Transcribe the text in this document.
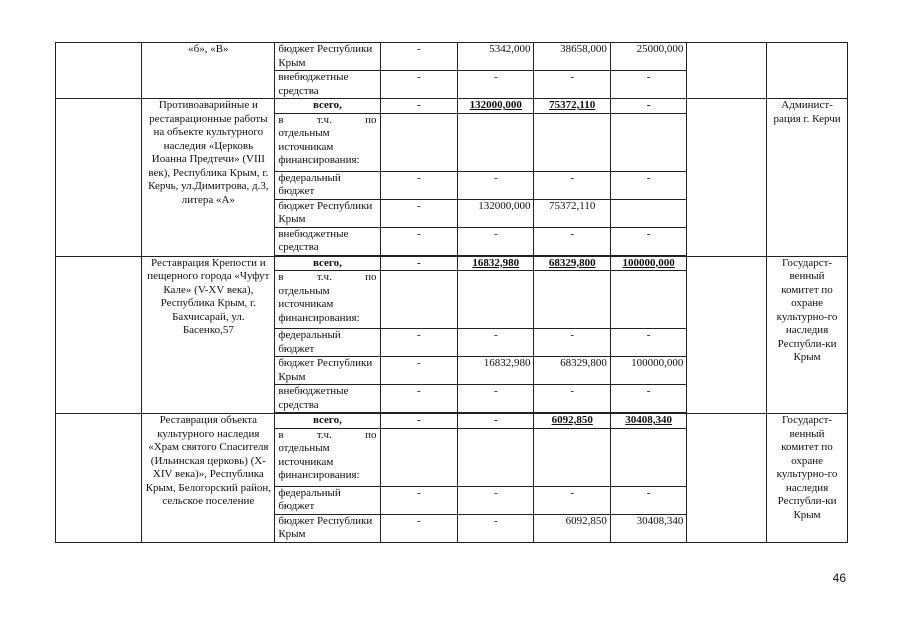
	«б», «В»	бюджет Республики Крым	-	5342,000	38658,000	25000,000		
		внебюджетные средства	-	-	-	-		
	Противоаварийные и реставрационные работы на объекте культурного наследия «Церковь Иоанна Предтечи» (VIII век), Республика Крым, г. Керчь, ул.Димитрова, д.3, литера «А»	всего,	-	132000,000	75372,110	-		Админист-рация г. Керчи

		в т.ч. по
отдельным источникам финансирования:						

		федеральный бюджет	-	-	-	-		
		бюджет Республики Крым	-	132000,000	75372,110			
		внебюджетные средства	-	-	-	-		

	Реставрация Крепости и пещерного города «Чуфут Кале» (V-XV века), Республика Крым, г. Бахчисарай, ул. Басенко,57	всего,	-	16832,980	68329,800	100000,000		Государст-венный комитет по охране культурно-го наследия Республи-ки Крым

		в т.ч. по
отдельным источникам финансирования:						

		федеральный бюджет	-	-	-	-		
		бюджет Республики Крым	-	16832,980	68329,800	100000,000		
		внебюджетные средства	-	-	-	-		

	Реставрация объекта культурного наследия «Храм святого Спасителя (Ильинская церковь) (X-XIV века)», Республика Крым, Белогорский район, сельское поселение	всего,	-	-	6092,850	30408,340		Государст-венный комитет по охране культурно-го наследия Республи-ки Крым

		в т.ч. по
отдельным источникам финансирования:						

		федеральный бюджет	-	-	-	-		
		бюджет Республики Крым	-	-	6092,850	30408,340		
46
